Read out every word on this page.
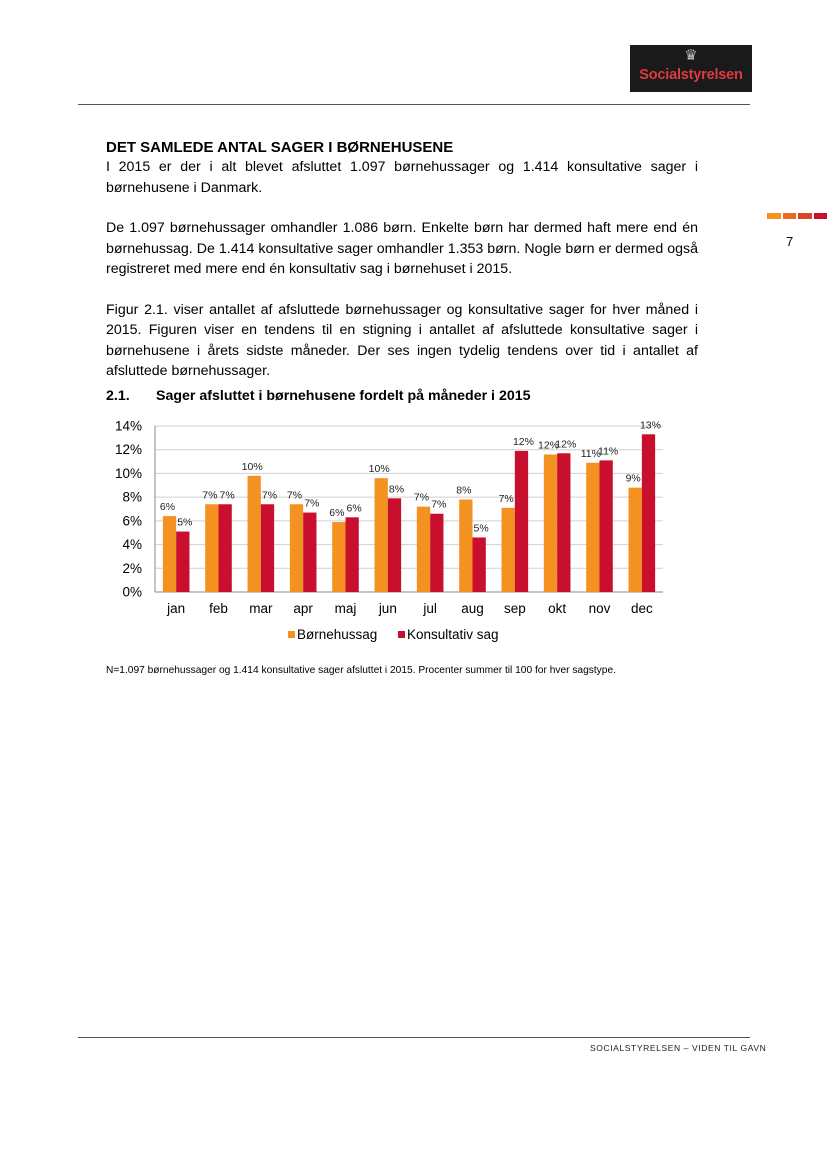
♛
Socialstyrelsen
7
DET SAMLEDE ANTAL SAGER I BØRNEHUSENE

I 2015 er der i alt blevet afsluttet 1.097 børnehussager og 1.414 konsultative sager i børnehusene i Danmark.

De 1.097 børnehussager omhandler 1.086 børn. Enkelte børn har dermed haft mere end én børnehussag. De 1.414 konsultative sager omhandler 1.353 børn. Nogle børn er dermed også registreret med mere end én konsultativ sag i børnehuset i 2015.

Figur 2.1. viser antallet af afsluttede børnehussager og konsultative sager for hver måned i 2015. Figuren viser en tendens til en stigning i antallet af afsluttede konsultative sager i børnehusene i årets sidste måneder. Der ses ingen tydelig tendens over tid i antallet af afsluttede børnehussager.

2.1. Sager afsluttet i børnehusene fordelt på måneder i 2015
0%
2%
4%
6%
8%
10%
12%
14%
6%
5%
jan
7% 7%
feb
10%
7%
mar
7%
7%
apr
6% 6%
maj
10%
8%
jun
7%
7%
jul
8%
5%
aug
7%
12%
sep
12%
12%
okt
11%
11%
nov
9%
13%
dec
Børnehussag Konsultativ sag
N=1.097 børnehussager og 1.414 konsultative sager afsluttet i 2015. Procenter summer til 100 for hver sagstype.
SOCIALSTYRELSEN – VIDEN TIL GAVN
